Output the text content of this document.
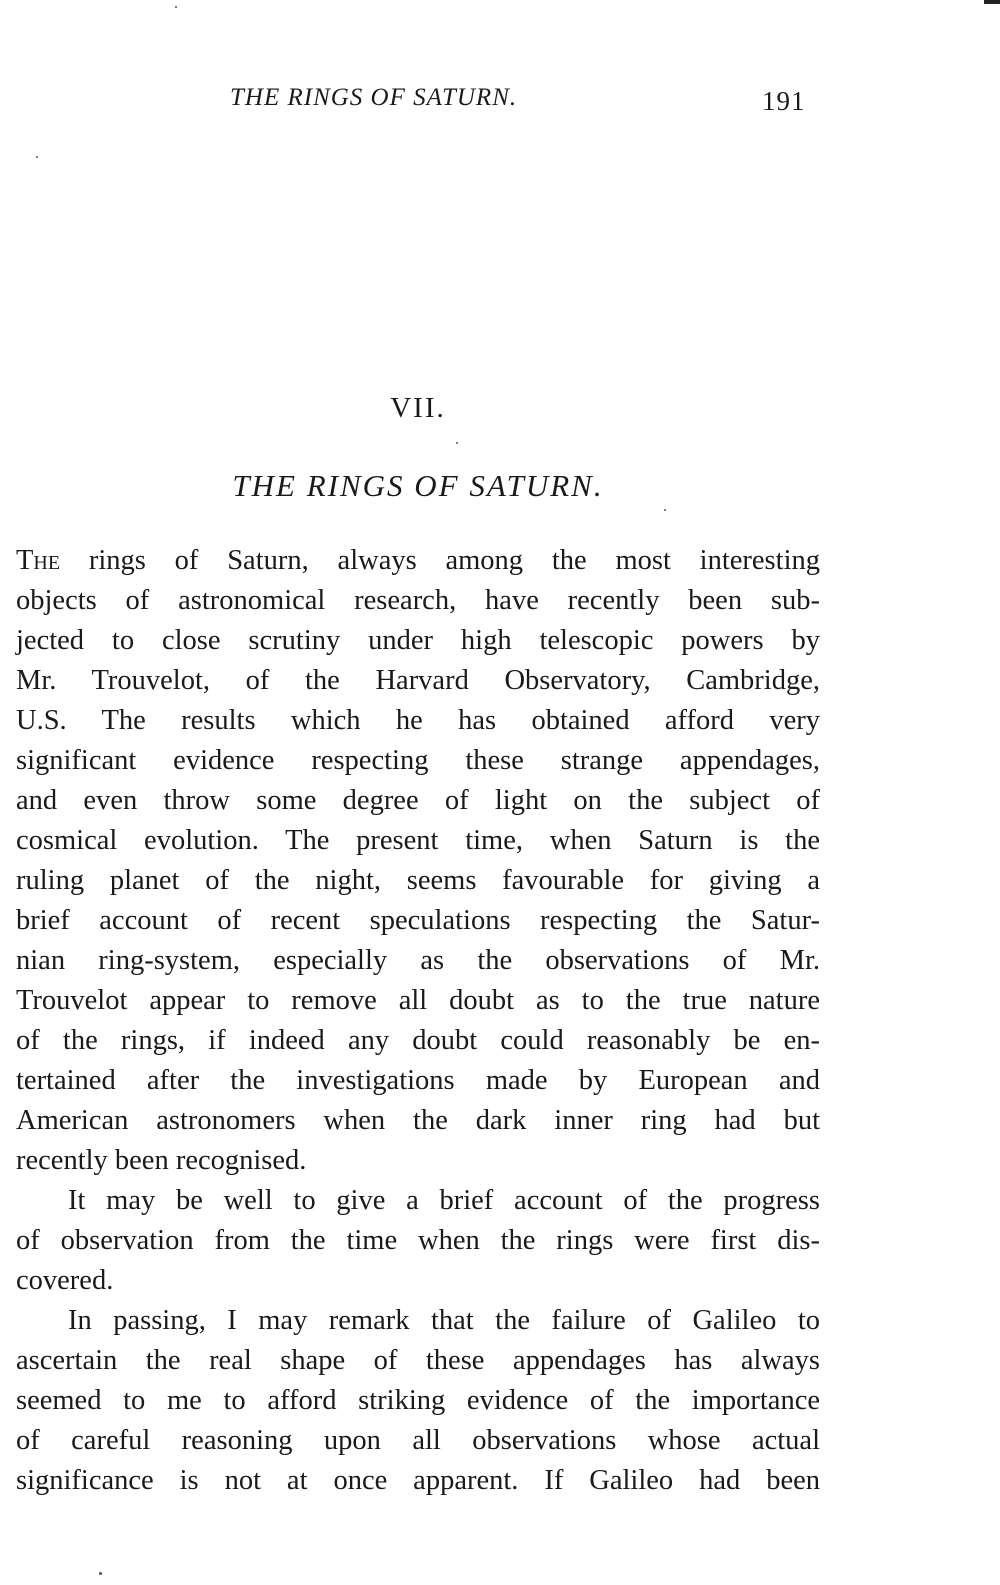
THE RINGS OF SATURN.	191
VII.
THE RINGS OF SATURN.
The rings of Saturn, always among the most interesting
objects of astronomical research, have recently been sub-
jected to close scrutiny under high telescopic powers by
Mr. Trouvelot, of the Harvard Observatory, Cambridge,
U.S. The results which he has obtained afford very
significant evidence respecting these strange appendages,
and even throw some degree of light on the subject of
cosmical evolution. The present time, when Saturn is the
ruling planet of the night, seems favourable for giving a
brief account of recent speculations respecting the Satur-
nian ring-system, especially as the observations of Mr.
Trouvelot appear to remove all doubt as to the true nature
of the rings, if indeed any doubt could reasonably be en-
tertained after the investigations made by European and
American astronomers when the dark inner ring had but
recently been recognised.
It may be well to give a brief account of the progress
of observation from the time when the rings were first dis-
covered.
In passing, I may remark that the failure of Galileo to
ascertain the real shape of these appendages has always
seemed to me to afford striking evidence of the importance
of careful reasoning upon all observations whose actual
significance is not at once apparent. If Galileo had been
